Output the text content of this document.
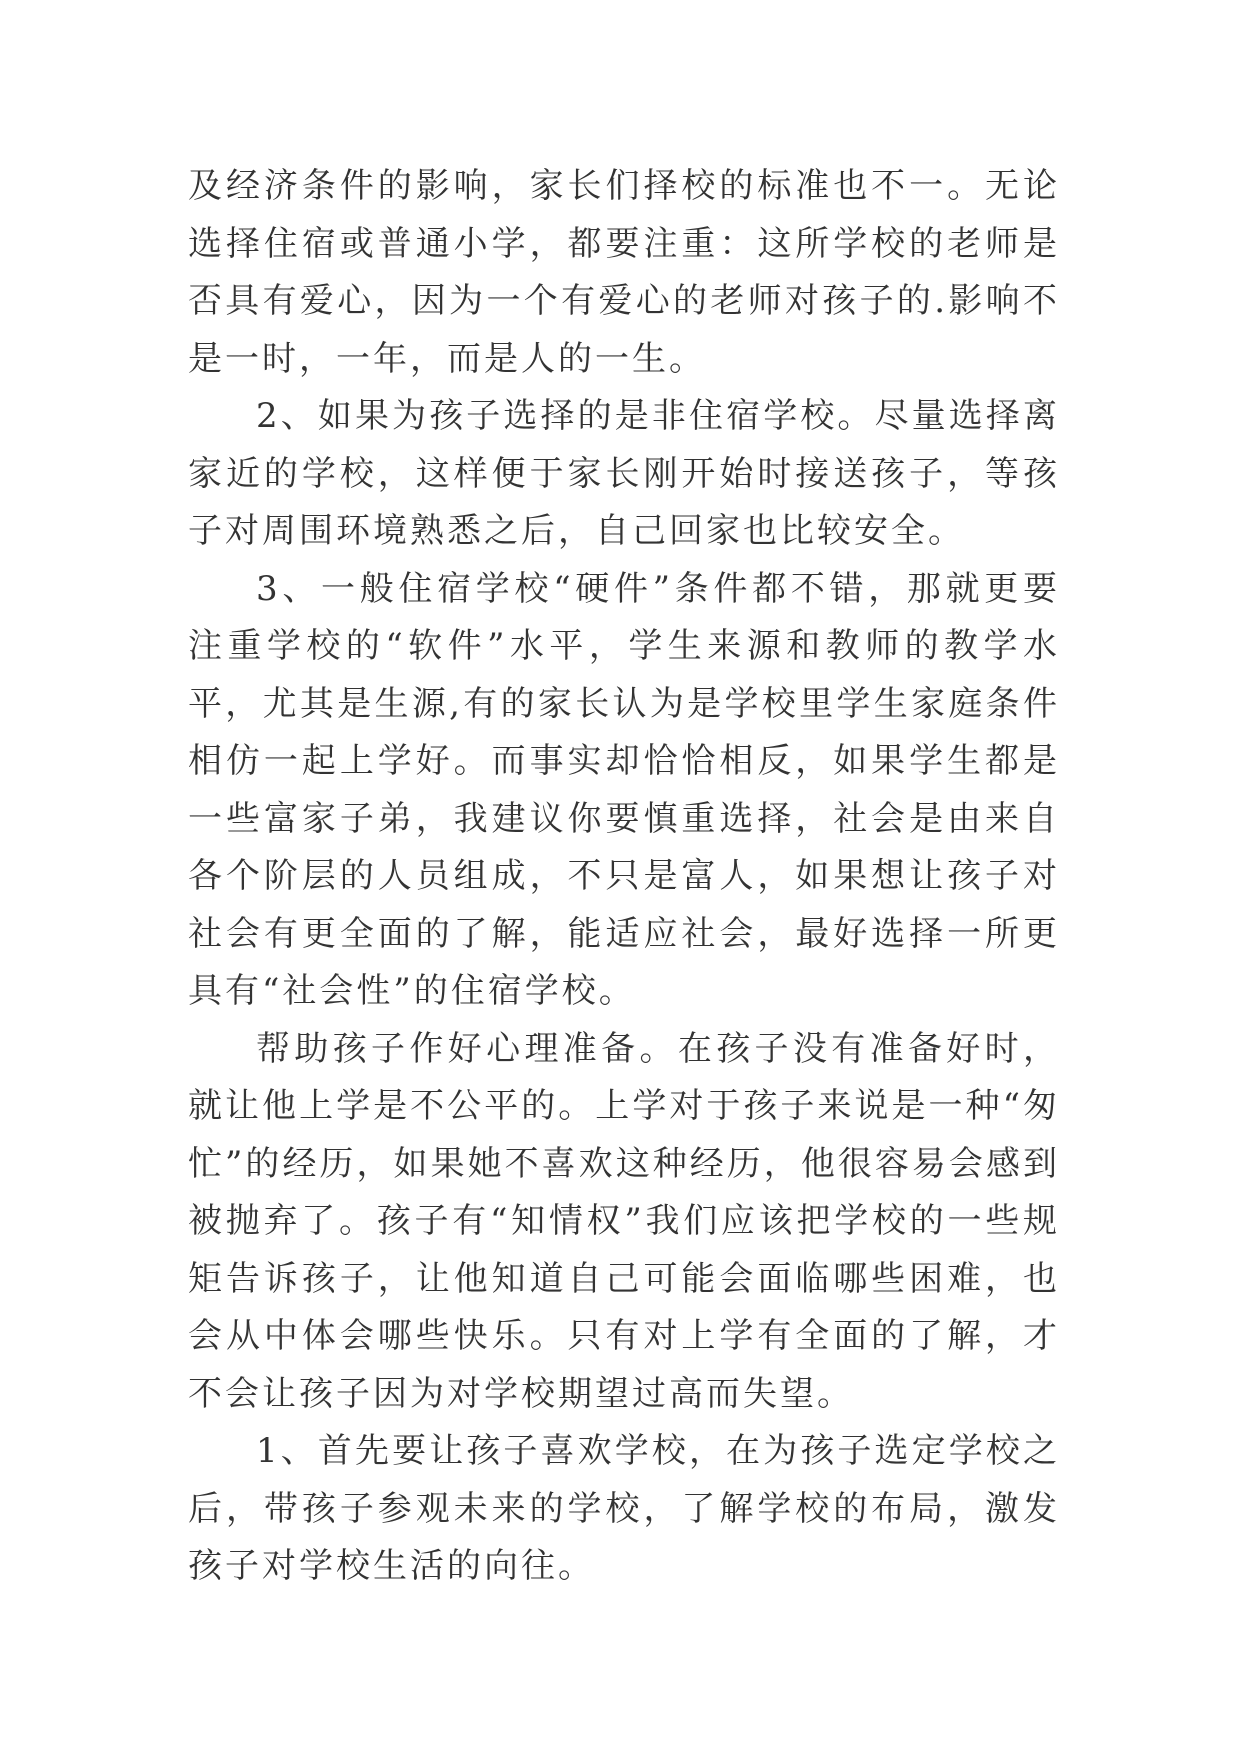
及经济条件的影响，家长们择校的标准也不一。无论选择住宿或普通小学，都要注重：这所学校的老师是否具有爱心，因为一个有爱心的老师对孩子的.影响不是一时，一年，而是人的一生。

2、如果为孩子选择的是非住宿学校。尽量选择离家近的学校，这样便于家长刚开始时接送孩子，等孩子对周围环境熟悉之后，自己回家也比较安全。

3、一般住宿学校“硬件”条件都不错，那就更要注重学校的“软件”水平，学生来源和教师的教学水平，尤其是生源,有的家长认为是学校里学生家庭条件相仿一起上学好。而事实却恰恰相反，如果学生都是一些富家子弟，我建议你要慎重选择，社会是由来自各个阶层的人员组成，不只是富人，如果想让孩子对社会有更全面的了解，能适应社会，最好选择一所更具有“社会性”的住宿学校。

帮助孩子作好心理准备。在孩子没有准备好时，就让他上学是不公平的。上学对于孩子来说是一种“匆忙”的经历，如果她不喜欢这种经历，他很容易会感到被抛弃了。孩子有“知情权”我们应该把学校的一些规矩告诉孩子，让他知道自己可能会面临哪些困难，也会从中体会哪些快乐。只有对上学有全面的了解，才不会让孩子因为对学校期望过高而失望。

1、首先要让孩子喜欢学校，在为孩子选定学校之后，带孩子参观未来的学校，了解学校的布局，激发孩子对学校生活的向往。
